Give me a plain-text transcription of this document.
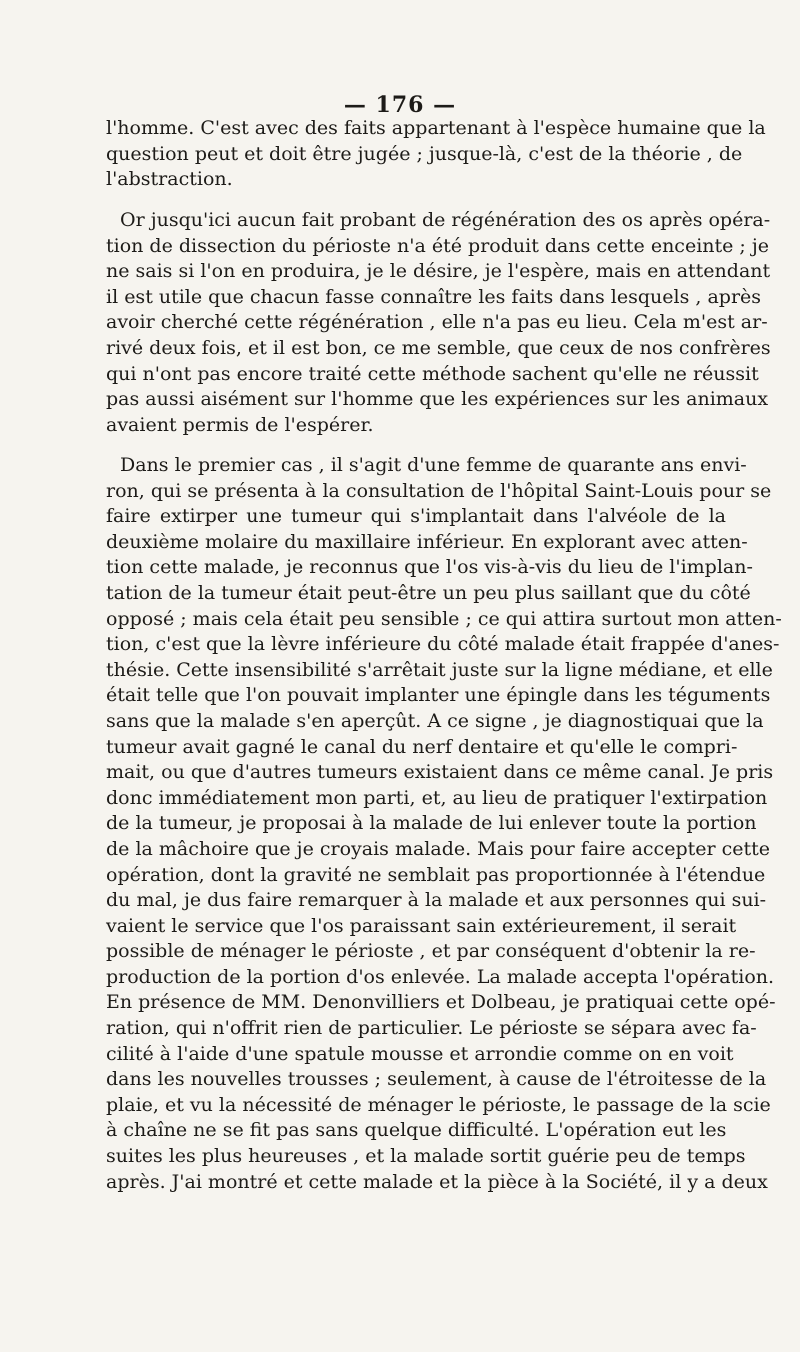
— 176 —
l'homme. C'est avec des faits appartenant à l'espèce humaine que la
question peut et doit être jugée ; jusque-là, c'est de la théorie , de
l'abstraction.
Or jusqu'ici aucun fait probant de régénération des os après opéra-
tion de dissection du périoste n'a été produit dans cette enceinte ; je
ne sais si l'on en produira, je le désire, je l'espère, mais en attendant
il est utile que chacun fasse connaître les faits dans lesquels , après
avoir cherché cette régénération , elle n'a pas eu lieu. Cela m'est ar-
rivé deux fois, et il est bon, ce me semble, que ceux de nos confrères
qui n'ont pas encore traité cette méthode sachent qu'elle ne réussit
pas aussi aisément sur l'homme que les expériences sur les animaux
avaient permis de l'espérer.
Dans le premier cas , il s'agit d'une femme de quarante ans envi-
ron, qui se présenta à la consultation de l'hôpital Saint-Louis pour se
faire extirper une tumeur qui s'implantait dans l'alvéole de la
deuxième molaire du maxillaire inférieur. En explorant avec atten-
tion cette malade, je reconnus que l'os vis-à-vis du lieu de l'implan-
tation de la tumeur était peut-être un peu plus saillant que du côté
opposé ; mais cela était peu sensible ; ce qui attira surtout mon atten-
tion, c'est que la lèvre inférieure du côté malade était frappée d'anes-
thésie. Cette insensibilité s'arrêtait juste sur la ligne médiane, et elle
était telle que l'on pouvait implanter une épingle dans les téguments
sans que la malade s'en aperçût. A ce signe , je diagnostiquai que la
tumeur avait gagné le canal du nerf dentaire et qu'elle le compri-
mait, ou que d'autres tumeurs existaient dans ce même canal. Je pris
donc immédiatement mon parti, et, au lieu de pratiquer l'extirpation
de la tumeur, je proposai à la malade de lui enlever toute la portion
de la mâchoire que je croyais malade. Mais pour faire accepter cette
opération, dont la gravité ne semblait pas proportionnée à l'étendue
du mal, je dus faire remarquer à la malade et aux personnes qui sui-
vaient le service que l'os paraissant sain extérieurement, il serait
possible de ménager le périoste , et par conséquent d'obtenir la re-
production de la portion d'os enlevée. La malade accepta l'opération.
En présence de MM. Denonvilliers et Dolbeau, je pratiquai cette opé-
ration, qui n'offrit rien de particulier. Le périoste se sépara avec fa-
cilité à l'aide d'une spatule mousse et arrondie comme on en voit
dans les nouvelles trousses ; seulement, à cause de l'étroitesse de la
plaie, et vu la nécessité de ménager le périoste, le passage de la scie
à chaîne ne se fit pas sans quelque difficulté. L'opération eut les
suites les plus heureuses , et la malade sortit guérie peu de temps
après. J'ai montré et cette malade et la pièce à la Société, il y a deux
